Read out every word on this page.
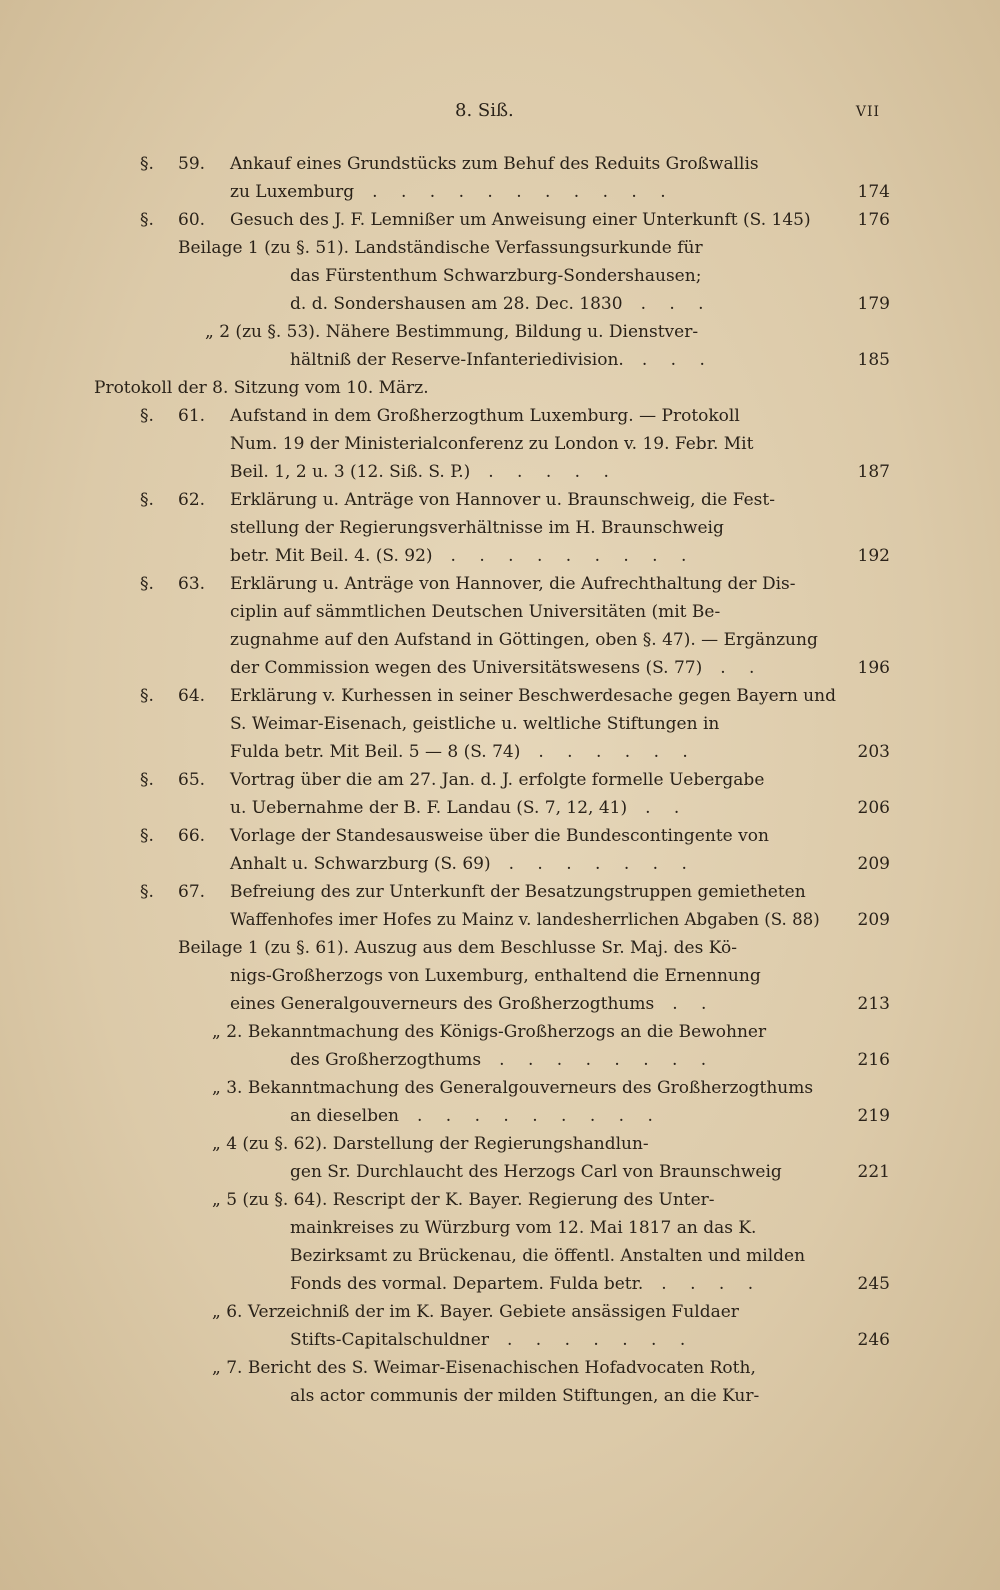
8. Siß.	VII
§. 59. Ankauf eines Grundstücks zum Behuf des Reduits Großwallis
zu Luxemburg . . . . . . . . . . .	174
§. 60. Gesuch des J. F. Lemnißer um Anweisung einer Unterkunft (S. 145)	176
Beilage 1 (zu §. 51). Landständische Verfassungsurkunde für
das Fürstenthum Schwarzburg-Sondershausen;
d. d. Sondershausen am 28. Dec. 1830 . . .	179
„ 2 (zu §. 53). Nähere Bestimmung, Bildung u. Dienstver-
hältniß der Reserve-Infanteriedivision. . . .	185
Protokoll der 8. Sitzung vom 10. März.
§. 61. Aufstand in dem Großherzogthum Luxemburg. — Protokoll
Num. 19 der Ministerialconferenz zu London v. 19. Febr. Mit
Beil. 1, 2 u. 3 (12. Siß. S. P.) . . . . .	187
§. 62. Erklärung u. Anträge von Hannover u. Braunschweig, die Fest-
stellung der Regierungsverhältnisse im H. Braunschweig
betr. Mit Beil. 4. (S. 92) . . . . . . . . .	192
§. 63. Erklärung u. Anträge von Hannover, die Aufrechthaltung der Dis-
ciplin auf sämmtlichen Deutschen Universitäten (mit Be-
zugnahme auf den Aufstand in Göttingen, oben §. 47). — Ergänzung
der Commission wegen des Universitätswesens (S. 77) . .	196
§. 64. Erklärung v. Kurhessen in seiner Beschwerdesache gegen Bayern und
S. Weimar-Eisenach, geistliche u. weltliche Stiftungen in
Fulda betr. Mit Beil. 5 — 8 (S. 74) . . . . . .	203
§. 65. Vortrag über die am 27. Jan. d. J. erfolgte formelle Uebergabe
u. Uebernahme der B. F. Landau (S. 7, 12, 41) . .	206
§. 66. Vorlage der Standesausweise über die Bundescontingente von
Anhalt u. Schwarzburg (S. 69) . . . . . . .	209
§. 67. Befreiung des zur Unterkunft der Besatzungstruppen gemietheten
Waffenhofes imer Hofes zu Mainz v. landesherrlichen Abgaben (S. 88) 209
Beilage 1 (zu §. 61). Auszug aus dem Beschlusse Sr. Maj. des Kö-
nigs-Großherzogs von Luxemburg, enthaltend die Ernennung
eines Generalgouverneurs des Großherzogthums . .	213
„ 2. Bekanntmachung des Königs-Großherzogs an die Bewohner
des Großherzogthums . . . . . . . .	216
„ 3. Bekanntmachung des Generalgouverneurs des Großherzogthums
an dieselben . . . . . . . . .	219
„ 4 (zu §. 62). Darstellung der Regierungshandlun-
gen Sr. Durchlaucht des Herzogs Carl von Braunschweig	221
„ 5 (zu §. 64). Rescript der K. Bayer. Regierung des Unter-
mainkreises zu Würzburg vom 12. Mai 1817 an das K.
Bezirksamt zu Brückenau, die öffentl. Anstalten und milden
Fonds des vormal. Departem. Fulda betr. . . . .	245
„ 6. Verzeichniß der im K. Bayer. Gebiete ansässigen Fuldaer
Stifts-Capitalschuldner . . . . . . .	246
„ 7. Bericht des S. Weimar-Eisenachischen Hofadvocaten Roth,
als actor communis der milden Stiftungen, an die Kur-
